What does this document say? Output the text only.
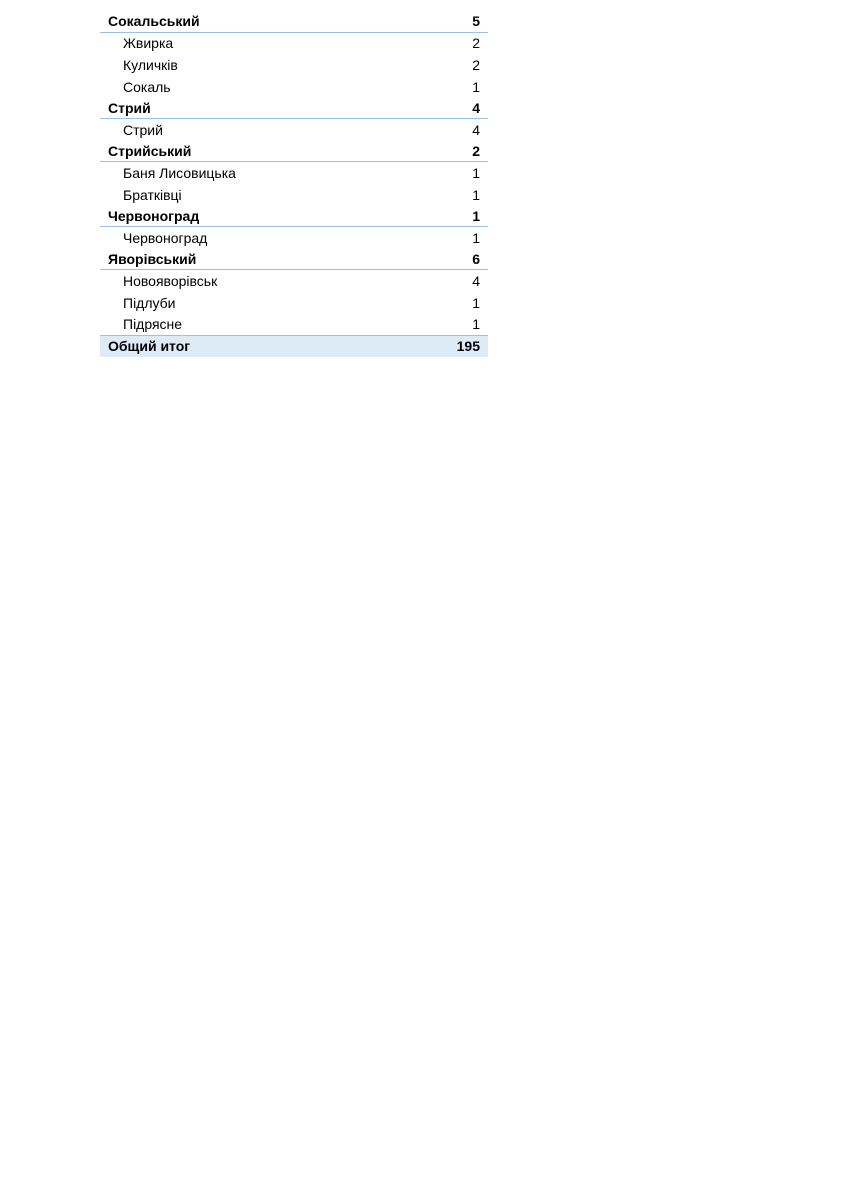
Сокальський	5
Жвирка	2
Куличків	2
Сокаль	1
Стрий	4
Стрий	4
Стрийський	2
Баня Лисовицька	1
Братківці	1
Червоноград	1
Червоноград	1
Яворівський	6
Новояворівськ	4
Підлуби	1
Підрясне	1
Общий итог	195
